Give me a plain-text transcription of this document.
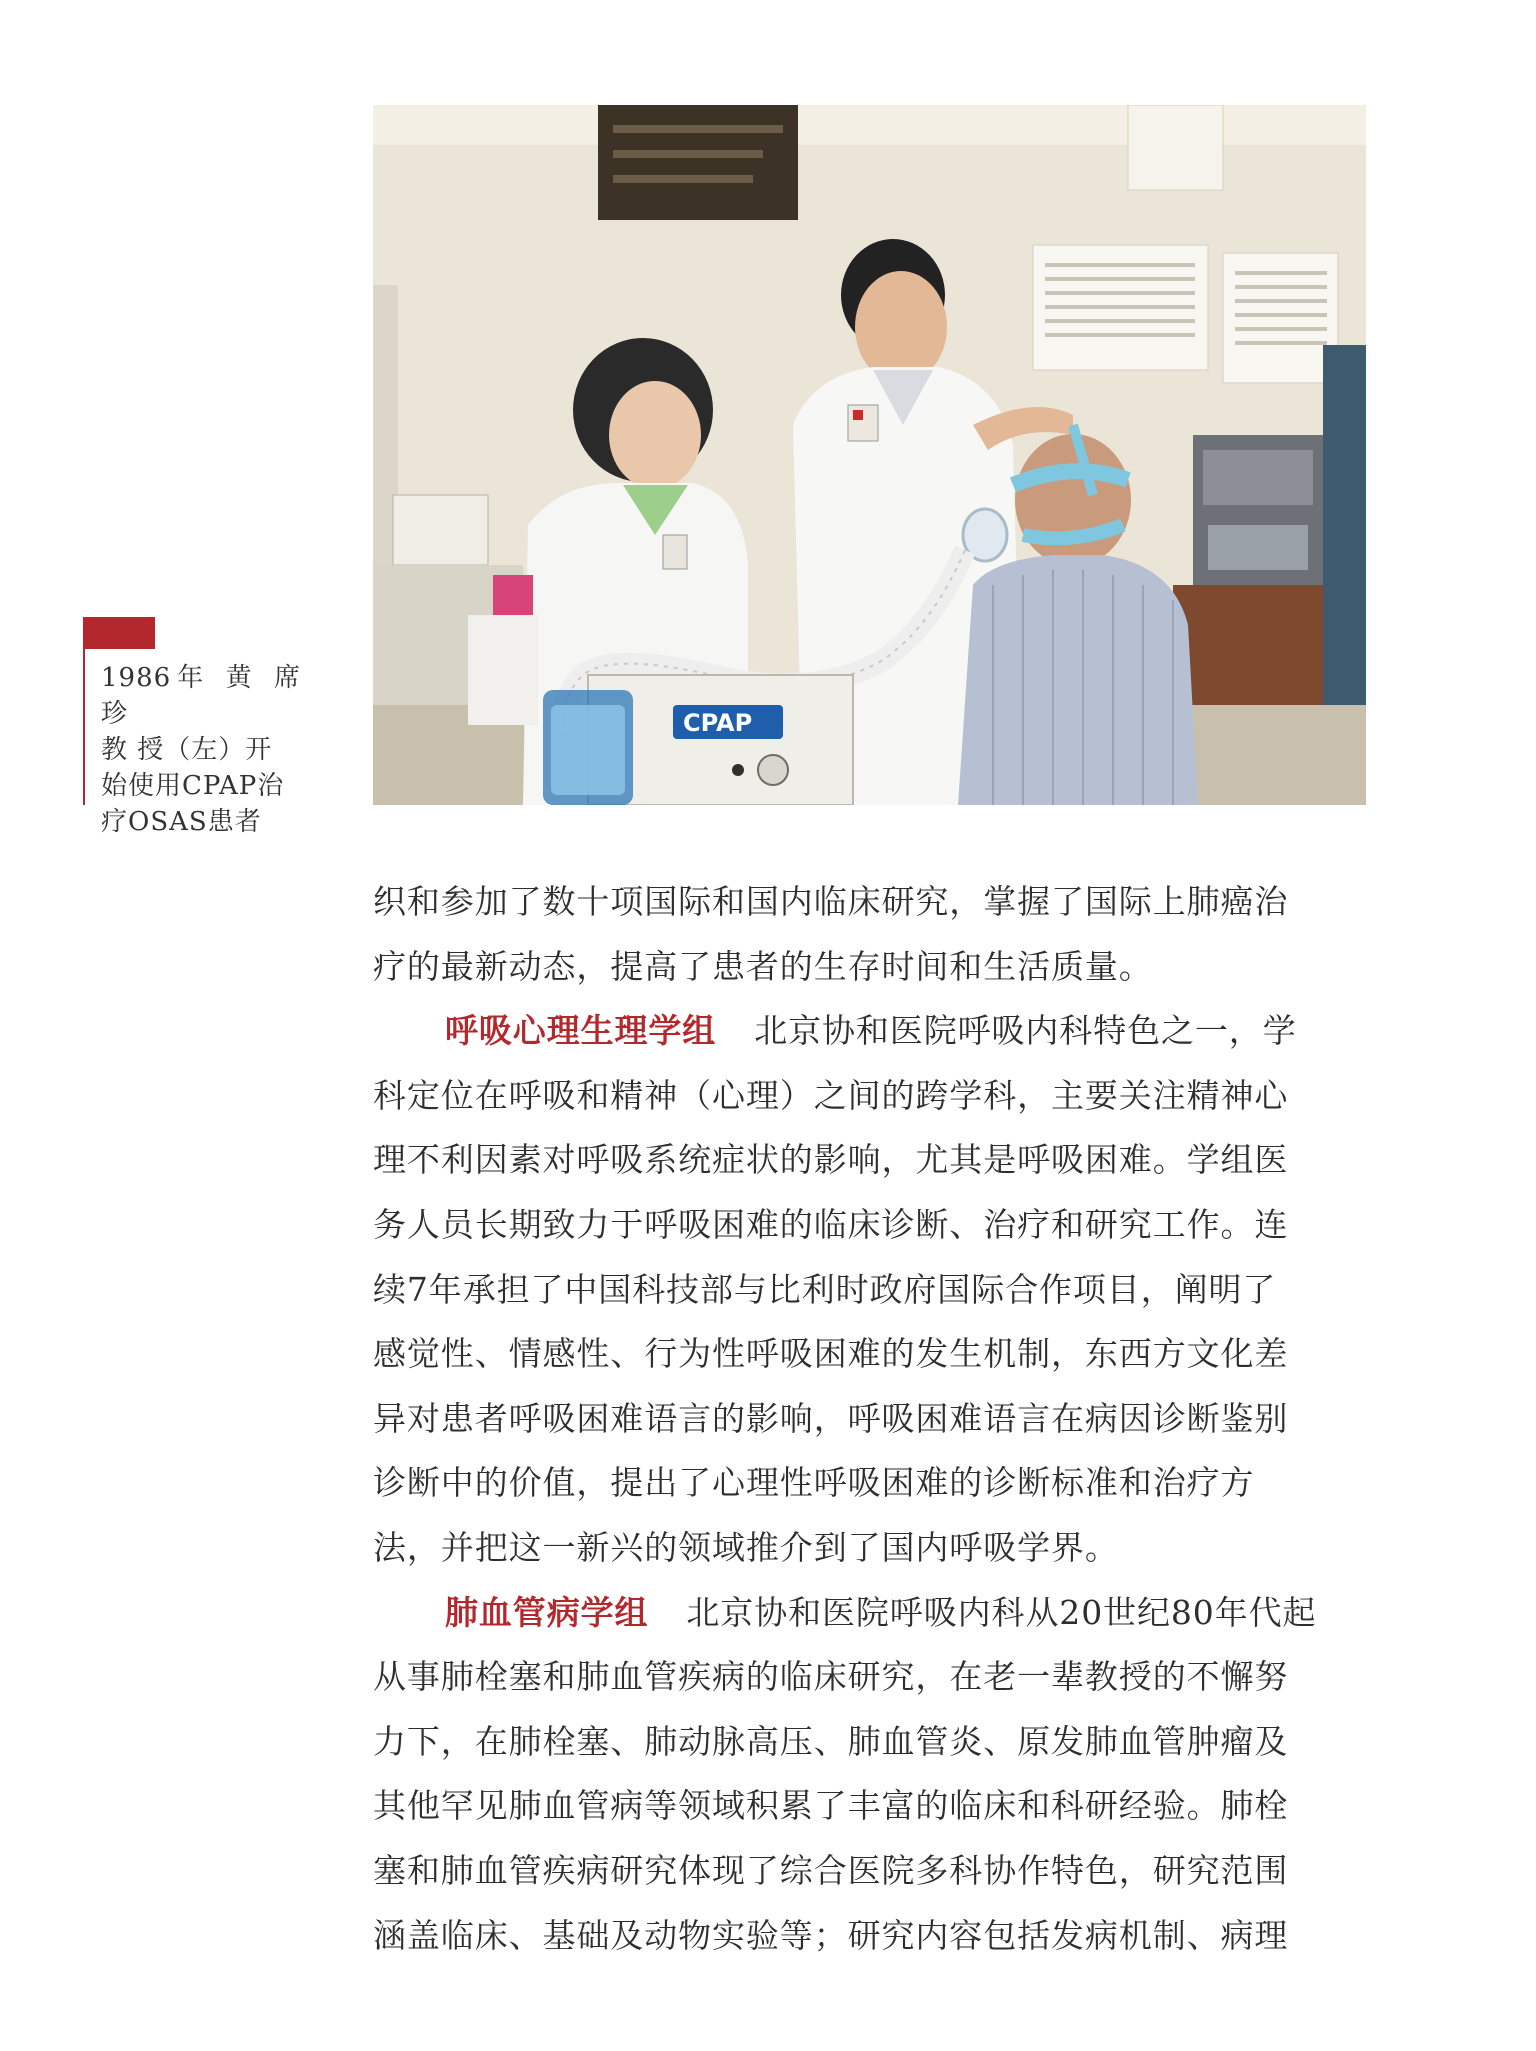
CPAP
1986年 黄 席 珍
教 授（左）开
始使用CPAP治
疗OSAS患者
织和参加了数十项国际和国内临床研究，掌握了国际上肺癌治
疗的最新动态，提高了患者的生存时间和生活质量。
呼吸心理生理学组 北京协和医院呼吸内科特色之一，学
科定位在呼吸和精神（心理）之间的跨学科，主要关注精神心
理不利因素对呼吸系统症状的影响，尤其是呼吸困难。学组医
务人员长期致力于呼吸困难的临床诊断、治疗和研究工作。连
续7年承担了中国科技部与比利时政府国际合作项目，阐明了
感觉性、情感性、行为性呼吸困难的发生机制，东西方文化差
异对患者呼吸困难语言的影响，呼吸困难语言在病因诊断鉴别
诊断中的价值，提出了心理性呼吸困难的诊断标准和治疗方
法，并把这一新兴的领域推介到了国内呼吸学界。
肺血管病学组 北京协和医院呼吸内科从20世纪80年代起
从事肺栓塞和肺血管疾病的临床研究，在老一辈教授的不懈努
力下，在肺栓塞、肺动脉高压、肺血管炎、原发肺血管肿瘤及
其他罕见肺血管病等领域积累了丰富的临床和科研经验。肺栓
塞和肺血管疾病研究体现了综合医院多科协作特色，研究范围
涵盖临床、基础及动物实验等；研究内容包括发病机制、病理
